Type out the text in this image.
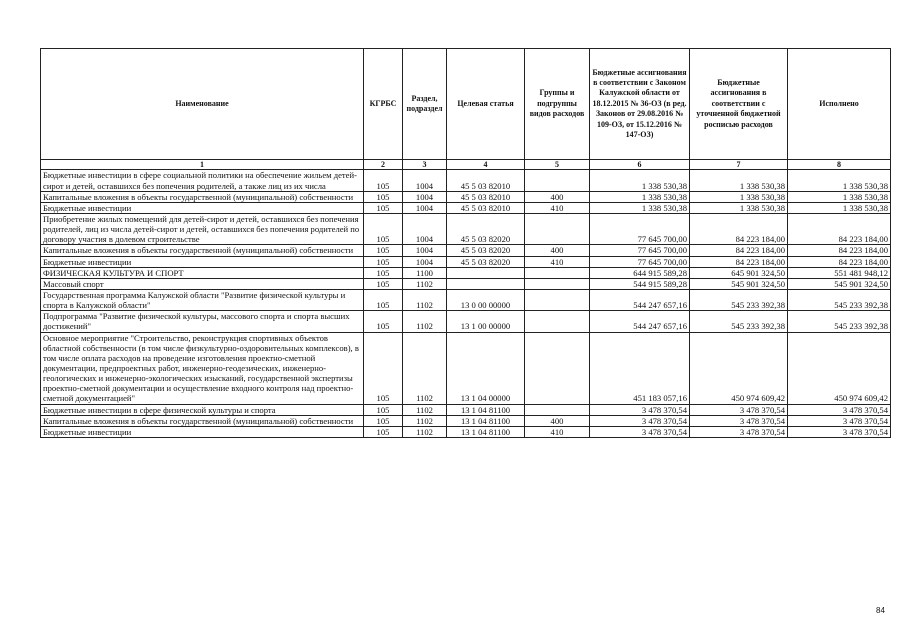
Наименование	КГРБС	Раздел, подраздел	Целевая статья	Группы и подгруппы видов расходов	Бюджетные ассигнования в соответствии с Законом Калужской области от 18.12.2015 № 36-ОЗ (в ред. Законов от 29.08.2016 № 109-ОЗ, от 15.12.2016 № 147-ОЗ)	Бюджетные ассигнования в соответствии с уточненной бюджетной росписью расходов	Исполнено
1	2	3	4	5	6	7	8
Бюджетные инвестиции в сфере социальной политики на обеспечение жильем детей-сирот и детей, оставшихся без попечения родителей, а также лиц из их числа	105	1004	45 5 03 82010		1 338 530,38	1 338 530,38	1 338 530,38
Капитальные вложения в объекты государственной (муниципальной) собственности	105	1004	45 5 03 82010	400	1 338 530,38	1 338 530,38	1 338 530,38
Бюджетные инвестиции	105	1004	45 5 03 82010	410	1 338 530,38	1 338 530,38	1 338 530,38
Приобретение жилых помещений для детей-сирот и детей, оставшихся без попечения родителей, лиц из числа детей-сирот и детей, оставшихся без попечения родителей по договору участия в долевом строительстве	105	1004	45 5 03 82020		77 645 700,00	84 223 184,00	84 223 184,00
Капитальные вложения в объекты государственной (муниципальной) собственности	105	1004	45 5 03 82020	400	77 645 700,00	84 223 184,00	84 223 184,00
Бюджетные инвестиции	105	1004	45 5 03 82020	410	77 645 700,00	84 223 184,00	84 223 184,00
ФИЗИЧЕСКАЯ КУЛЬТУРА И СПОРТ	105	1100			644 915 589,28	645 901 324,50	551 481 948,12
Массовый спорт	105	1102			544 915 589,28	545 901 324,50	545 901 324,50
Государственная программа Калужской области "Развитие физической культуры и спорта в Калужской области"	105	1102	13 0 00 00000		544 247 657,16	545 233 392,38	545 233 392,38
Подпрограмма "Развитие физической культуры, массового спорта и спорта высших достижений"	105	1102	13 1 00 00000		544 247 657,16	545 233 392,38	545 233 392,38
Основное мероприятие "Строительство, реконструкция спортивных объектов областной собственности (в том числе физкультурно-оздоровительных комплексов), в том числе оплата расходов на проведение изготовления проектно-сметной документации, предпроектных работ, инженерно-геодезических, инженерно-геологических и инженерно-экологических изысканий, государственной экспертизы проектно-сметной документации и осуществление входного контроля над проектно-сметной документацией"	105	1102	13 1 04 00000		451 183 057,16	450 974 609,42	450 974 609,42
Бюджетные инвестиции в сфере физической культуры и спорта	105	1102	13 1 04 81100		3 478 370,54	3 478 370,54	3 478 370,54
Капитальные вложения в объекты государственной (муниципальной) собственности	105	1102	13 1 04 81100	400	3 478 370,54	3 478 370,54	3 478 370,54
Бюджетные инвестиции	105	1102	13 1 04 81100	410	3 478 370,54	3 478 370,54	3 478 370,54
84
